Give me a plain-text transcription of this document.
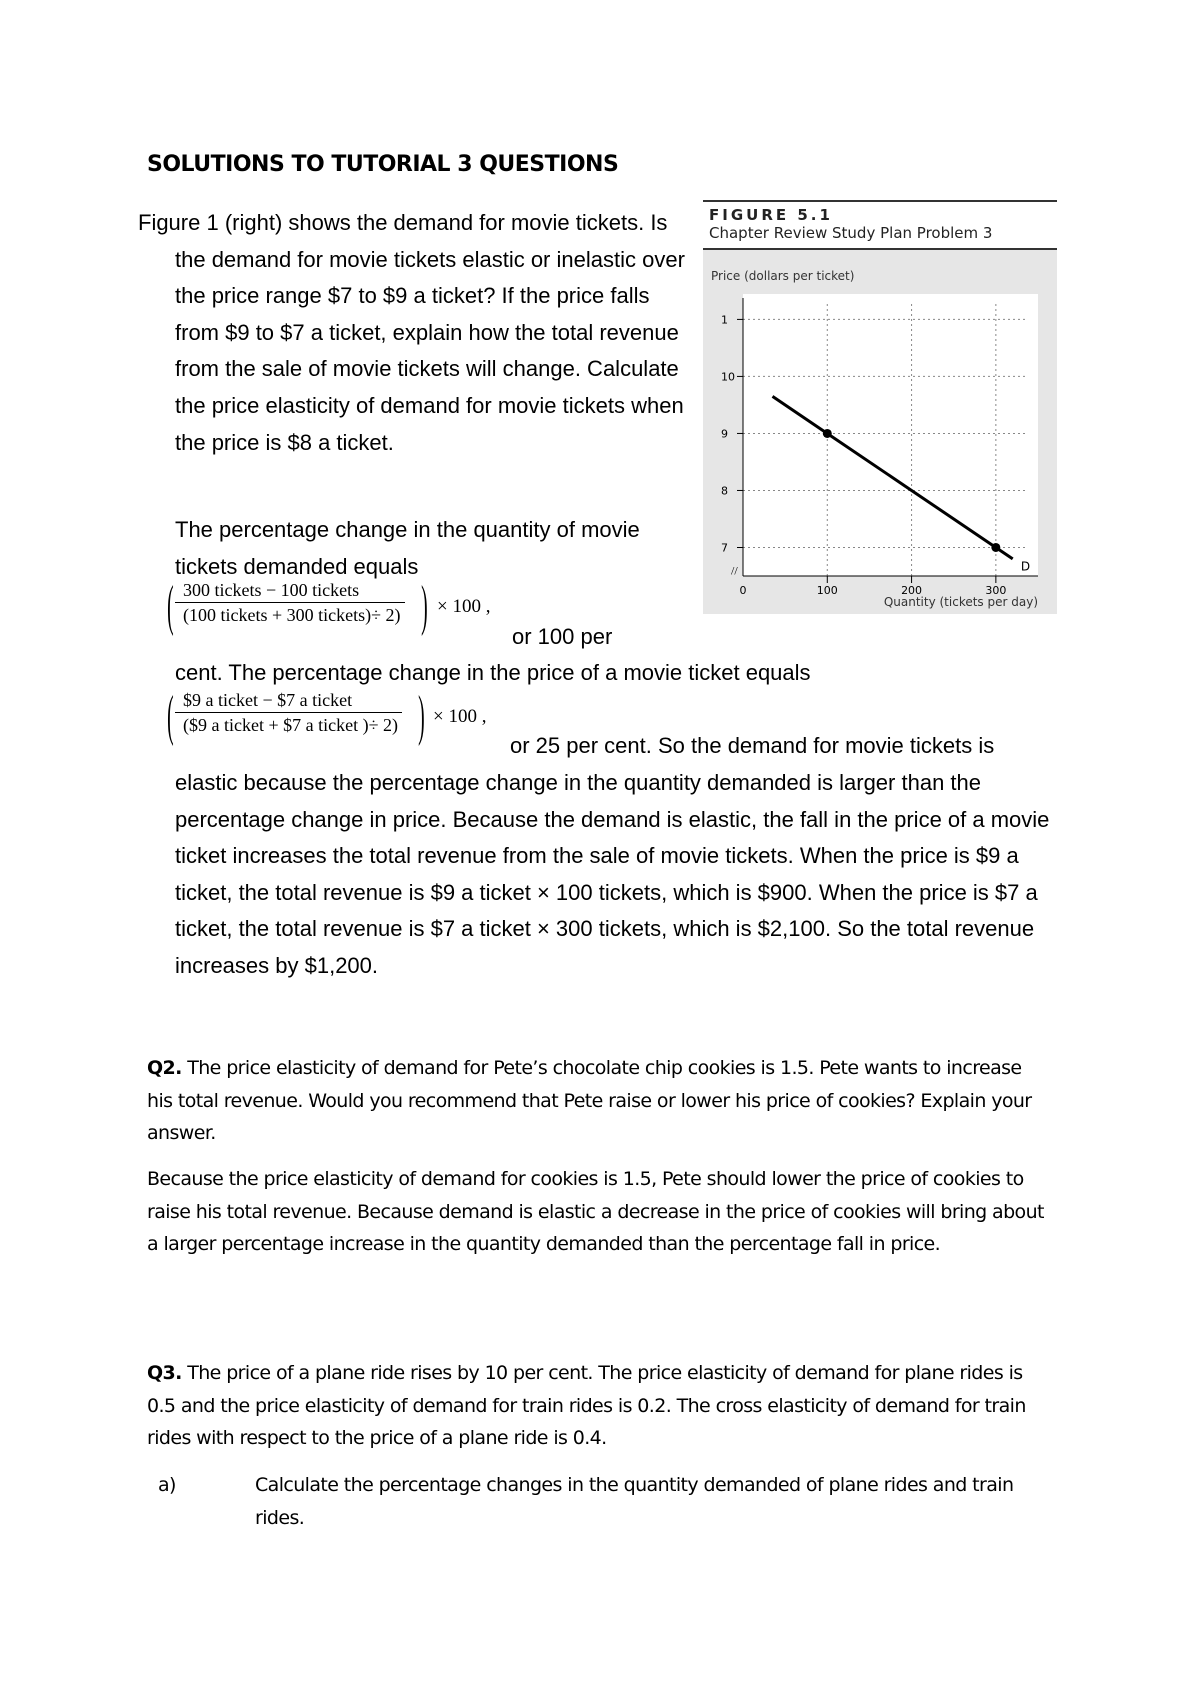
SOLUTIONS TO TUTORIAL 3 QUESTIONS
Figure 1 (right) shows the demand for movie tickets. Is the demand for movie tickets elastic or inelastic over the price range $7 to $9 a ticket? If the price falls from $9 to $7 a ticket, explain how the total revenue from the sale of movie tickets will change. Calculate the price elasticity of demand for movie tickets when the price is $8 a ticket.
The percentage change in the quantity of movie tickets demanded equals
( 300 tickets − 100 tickets
(100 tickets + 300 tickets)÷ 2) ) × 100 ,
or 100 per
cent. The percentage change in the price of a movie ticket equals
( $9 a ticket − $7 a ticket
($9 a ticket + $7 a ticket )÷ 2) ) × 100 ,
or 25 per cent. So the demand for movie tickets is
elastic because the percentage change in the quantity demanded is larger than the percentage change in price. Because the demand is elastic, the fall in the price of a movie ticket increases the total revenue from the sale of movie tickets. When the price is $9 a ticket, the total revenue is $9 a ticket × 100 tickets, which is $900. When the price is $7 a ticket, the total revenue is $7 a ticket × 300 tickets, which is $2,100. So the total revenue increases by $1,200.
FIGURE 5.1
Chapter Review Study Plan Problem 3
Price (dollars per ticket)
Quantity (tickets per day)
7
8
9
10
1
0	100	200	300
//	D
Q2. The price elasticity of demand for Pete’s chocolate chip cookies is 1.5. Pete wants to increase his total revenue. Would you recommend that Pete raise or lower his price of cookies? Explain your answer.
Because the price elasticity of demand for cookies is 1.5, Pete should lower the price of cookies to raise his total revenue. Because demand is elastic a decrease in the price of cookies will bring about a larger percentage increase in the quantity demanded than the percentage fall in price.
Q3. The price of a plane ride rises by 10 per cent. The price elasticity of demand for plane rides is 0.5 and the price elasticity of demand for train rides is 0.2. The cross elasticity of demand for train rides with respect to the price of a plane ride is 0.4.
a)	Calculate the percentage changes in the quantity demanded of plane rides and train rides.
